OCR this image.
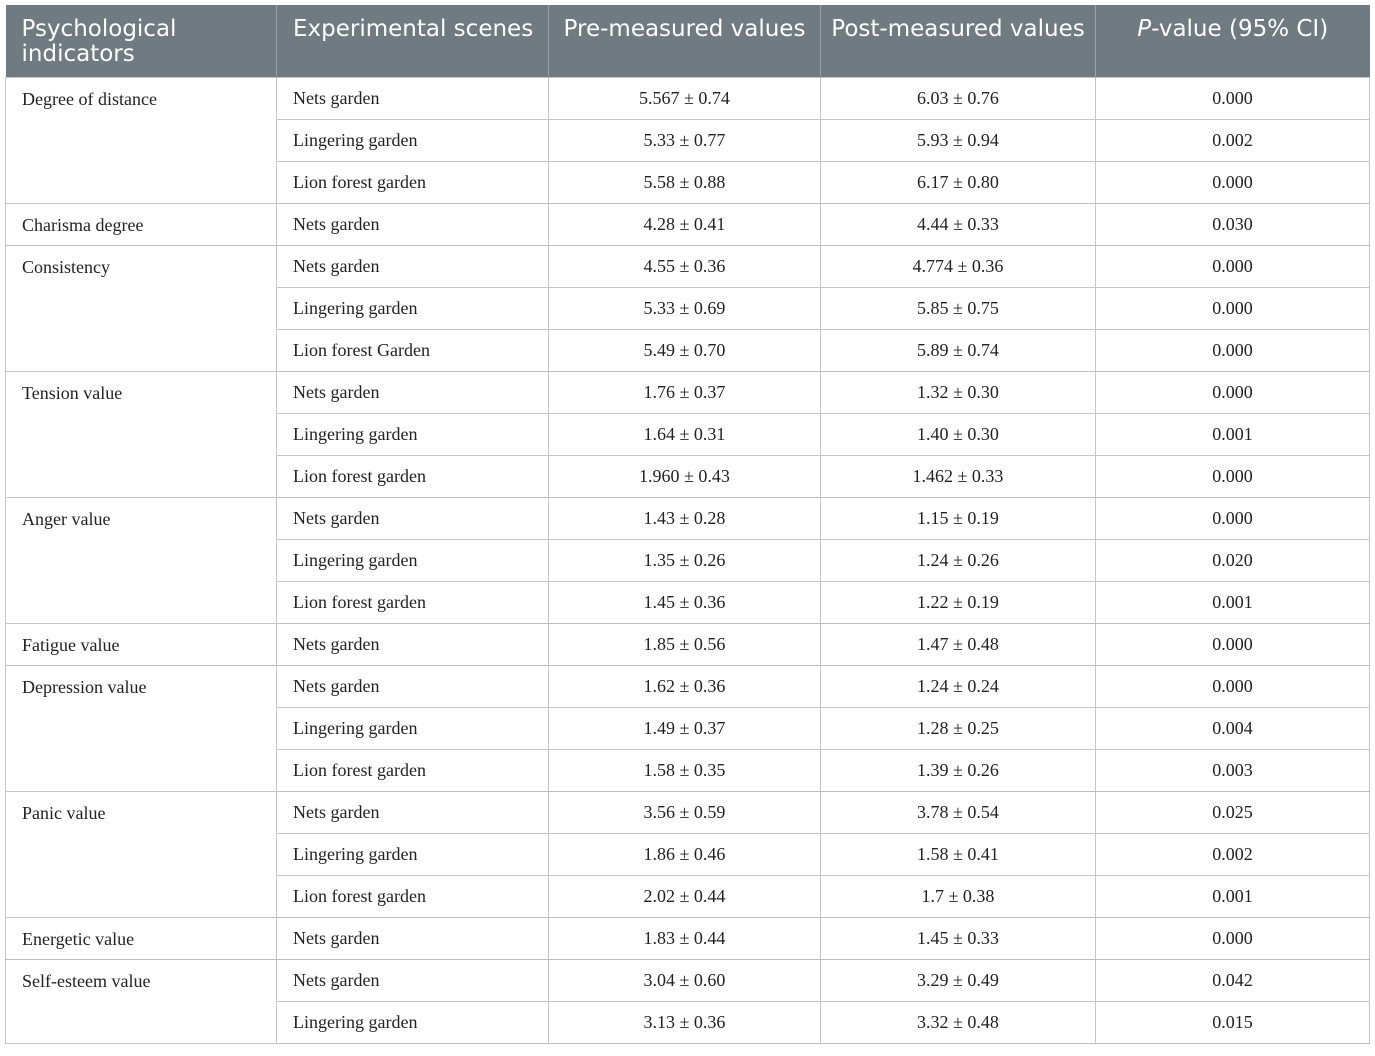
Psychological indicators	Experimental scenes	Pre-measured values	Post-measured values	P-value (95% CI)

Degree of distance	Nets garden	5.567 ± 0.74	6.03 ± 0.76	0.000
	Lingering garden	5.33 ± 0.77	5.93 ± 0.94	0.002
	Lion forest garden	5.58 ± 0.88	6.17 ± 0.80	0.000
Charisma degree	Nets garden	4.28 ± 0.41	4.44 ± 0.33	0.030
Consistency	Nets garden	4.55 ± 0.36	4.774 ± 0.36	0.000
	Lingering garden	5.33 ± 0.69	5.85 ± 0.75	0.000
	Lion forest Garden	5.49 ± 0.70	5.89 ± 0.74	0.000
Tension value	Nets garden	1.76 ± 0.37	1.32 ± 0.30	0.000
	Lingering garden	1.64 ± 0.31	1.40 ± 0.30	0.001
	Lion forest garden	1.960 ± 0.43	1.462 ± 0.33	0.000
Anger value	Nets garden	1.43 ± 0.28	1.15 ± 0.19	0.000
	Lingering garden	1.35 ± 0.26	1.24 ± 0.26	0.020
	Lion forest garden	1.45 ± 0.36	1.22 ± 0.19	0.001
Fatigue value	Nets garden	1.85 ± 0.56	1.47 ± 0.48	0.000
Depression value	Nets garden	1.62 ± 0.36	1.24 ± 0.24	0.000
	Lingering garden	1.49 ± 0.37	1.28 ± 0.25	0.004
	Lion forest garden	1.58 ± 0.35	1.39 ± 0.26	0.003
Panic value	Nets garden	3.56 ± 0.59	3.78 ± 0.54	0.025
	Lingering garden	1.86 ± 0.46	1.58 ± 0.41	0.002
	Lion forest garden	2.02 ± 0.44	1.7 ± 0.38	0.001
Energetic value	Nets garden	1.83 ± 0.44	1.45 ± 0.33	0.000
Self-esteem value	Nets garden	3.04 ± 0.60	3.29 ± 0.49	0.042
	Lingering garden	3.13 ± 0.36	3.32 ± 0.48	0.015
